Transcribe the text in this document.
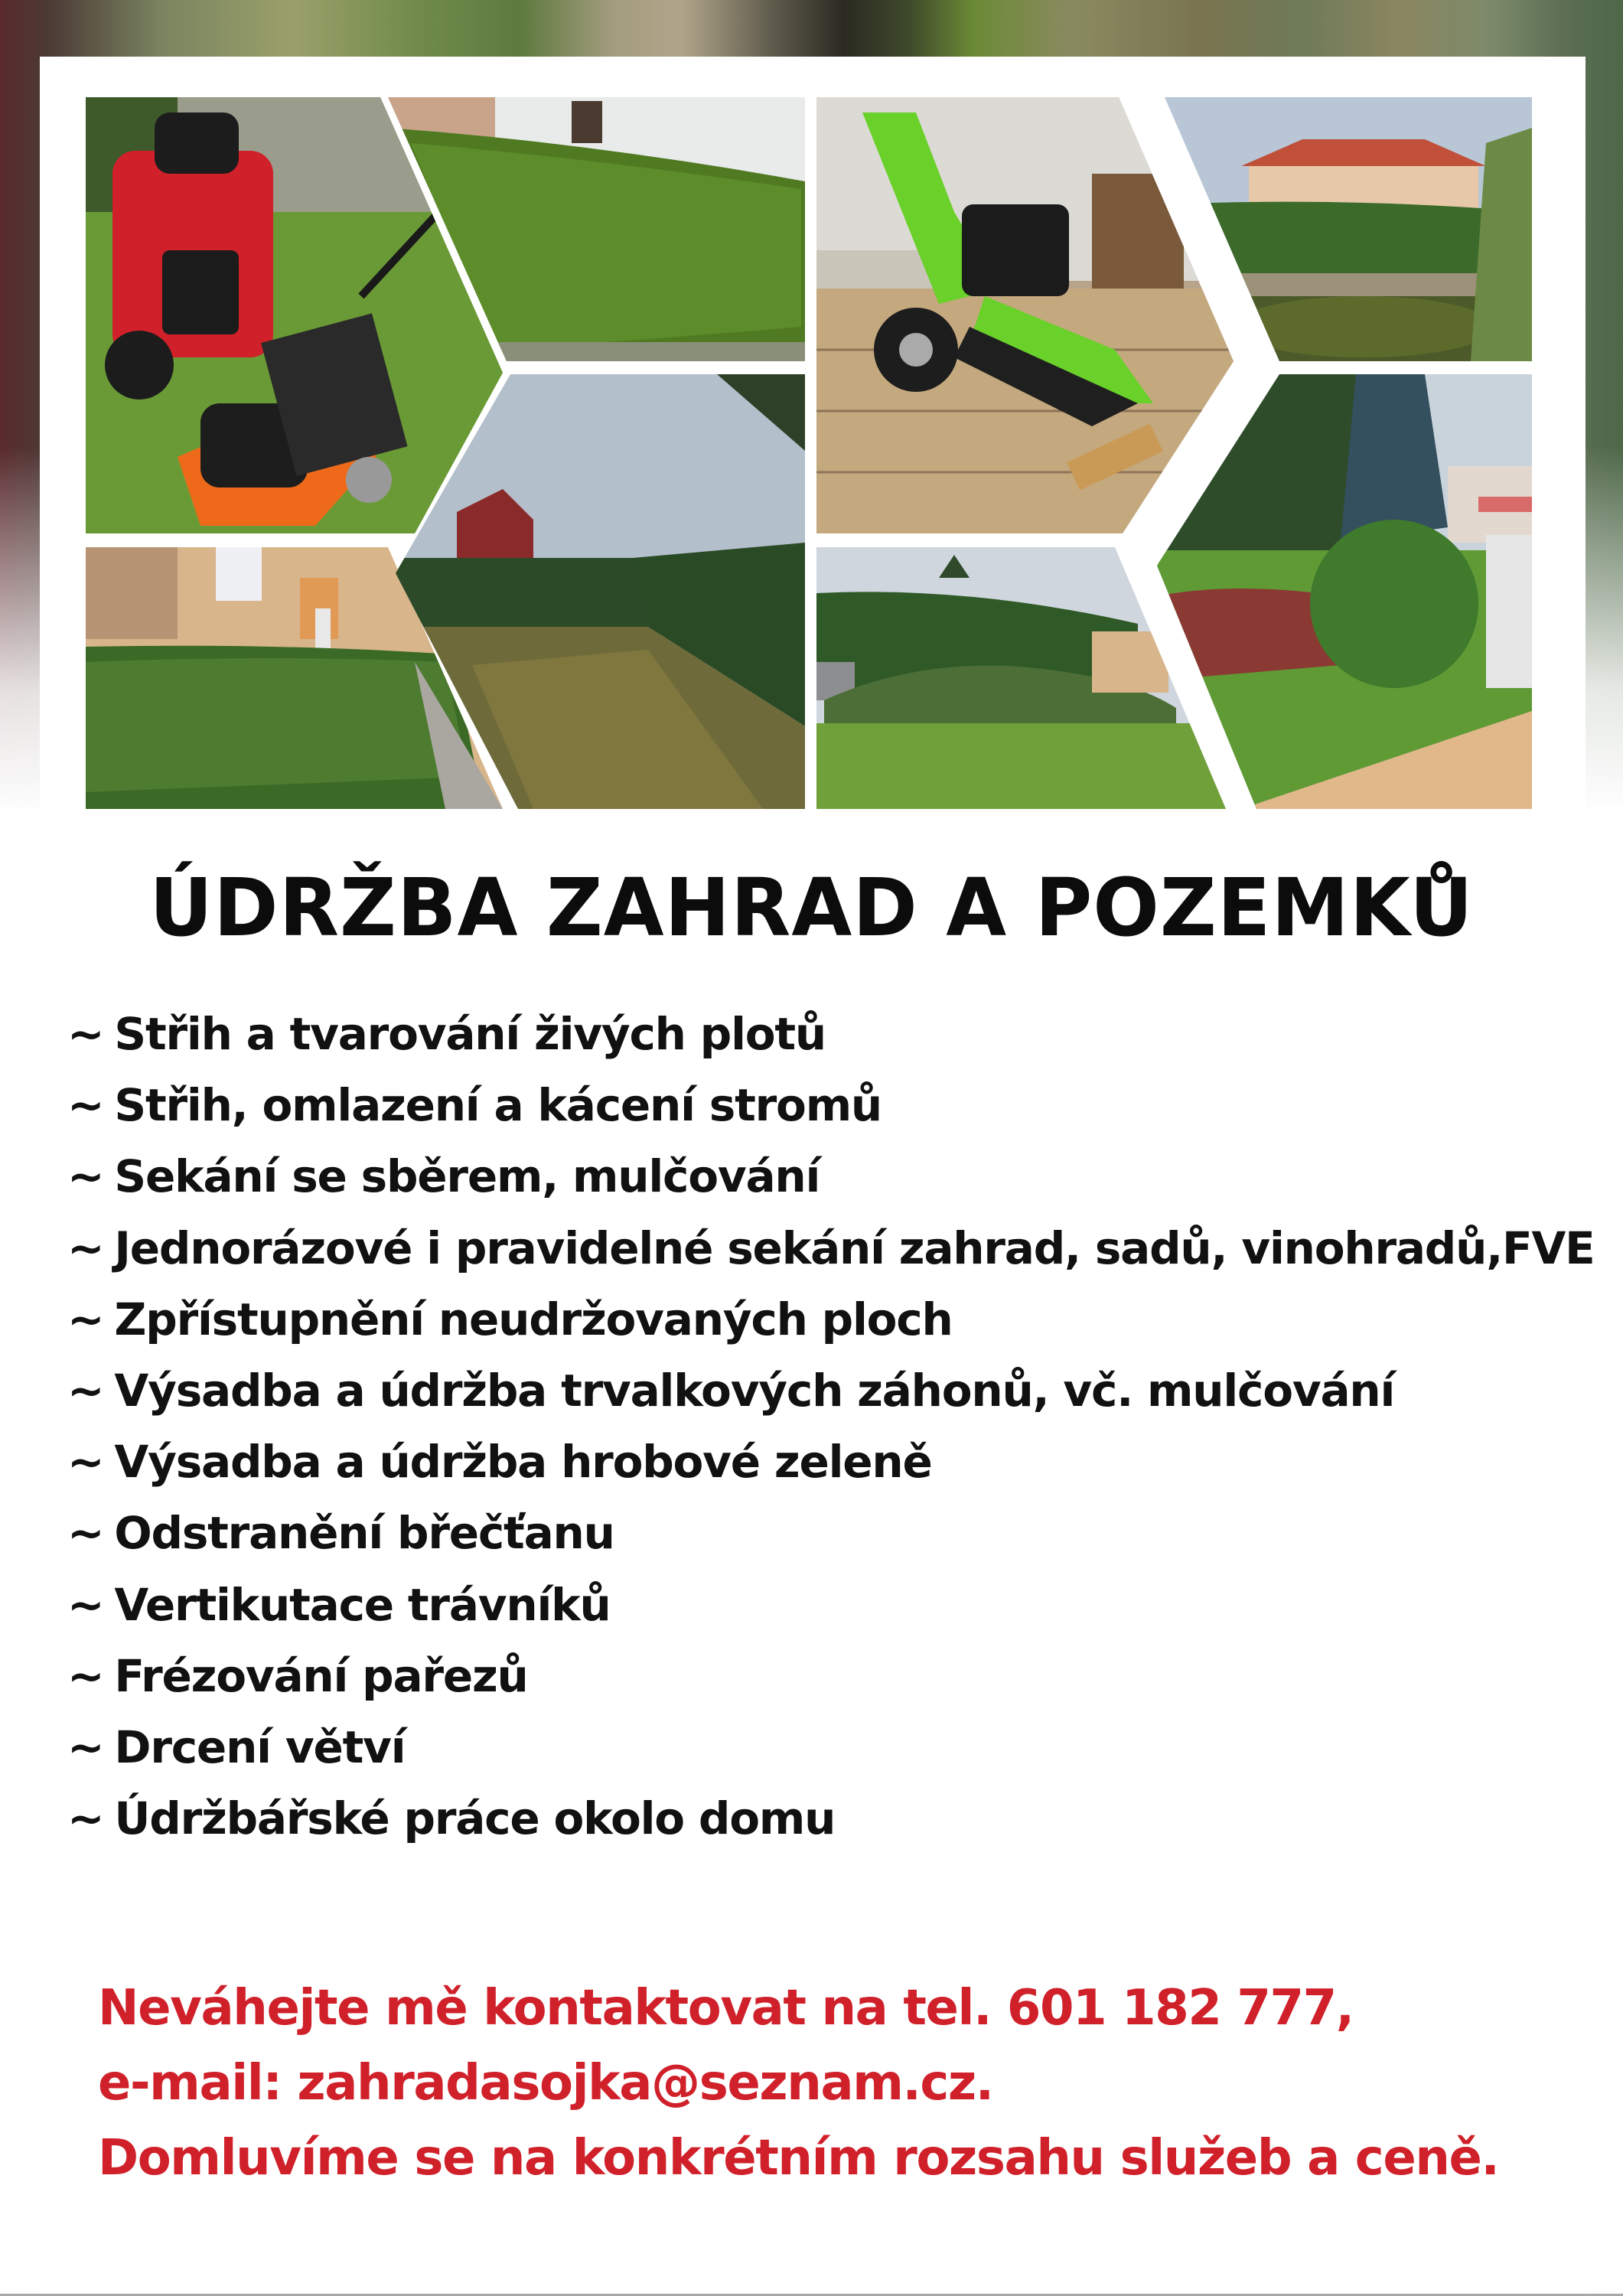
ÚDRŽBA ZAHRAD A POZEMKŮ
~ Střih a tvarování živých plotů
~ Střih, omlazení a kácení stromů
~ Sekání se sběrem, mulčování
~ Jednorázové i pravidelné sekání zahrad, sadů, vinohradů,FVE
~ Zpřístupnění neudržovaných ploch
~ Výsadba a údržba trvalkových záhonů, vč. mulčování
~ Výsadba a údržba hrobové zeleně
~ Odstranění břečťanu
~ Vertikutace trávníků
~ Frézování pařezů
~ Drcení větví
~ Údržbářské práce okolo domu
Neváhejte mě kontaktovat na tel. 601 182 777,
e-mail: zahradasojka@seznam.cz.
Domluvíme se na konkrétním rozsahu služeb a ceně.
